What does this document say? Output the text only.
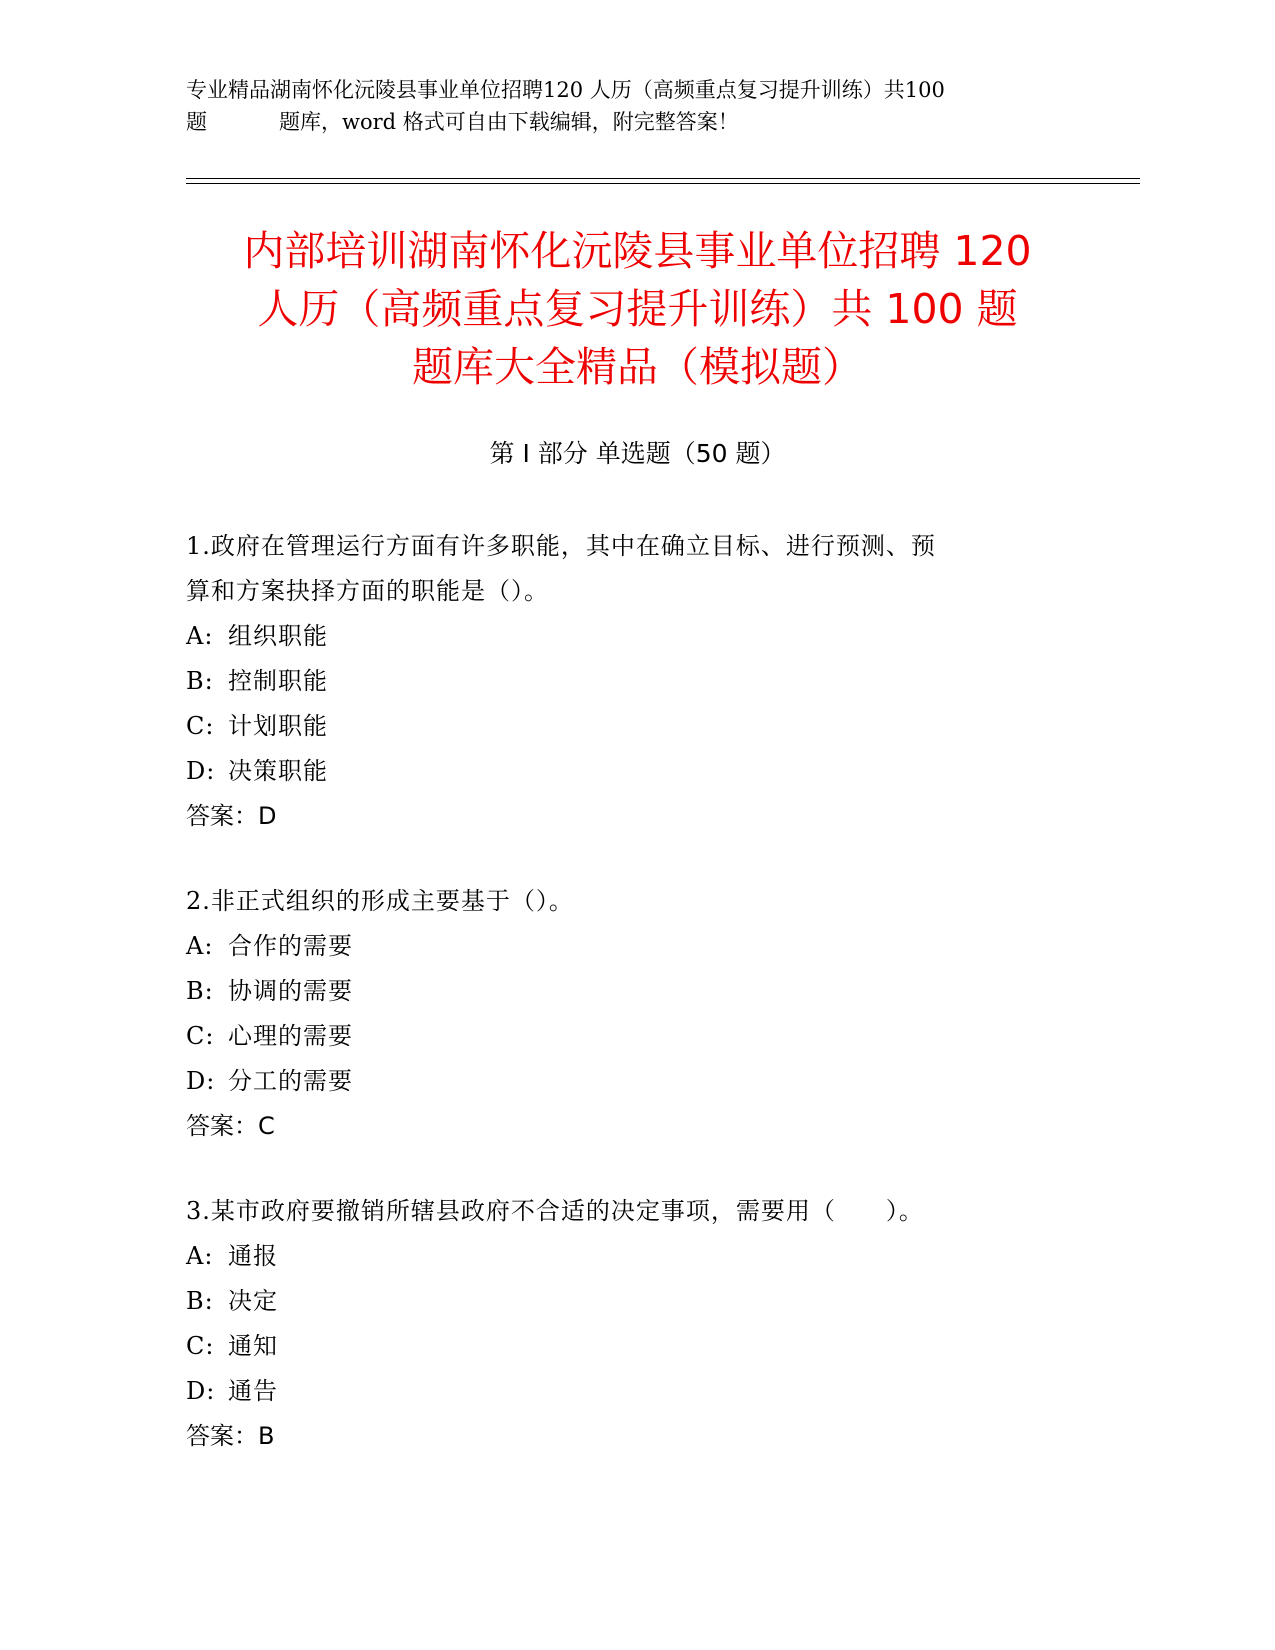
专业精品湖南怀化沅陵县事业单位招聘120 人历（高频重点复习提升训练）共100
题	题库，word 格式可自由下载编辑，附完整答案！
内部培训湖南怀化沅陵县事业单位招聘 120
人历（高频重点复习提升训练）共 100 题
题库大全精品（模拟题）
第 I 部分 单选题（50 题）
1.政府在管理运行方面有许多职能，其中在确立目标、进行预测、预
算和方案抉择方面的职能是（）。
A: 组织职能
B: 控制职能
C: 计划职能
D: 决策职能
答案：D
2.非正式组织的形成主要基于（）。
A: 合作的需要
B: 协调的需要
C: 心理的需要
D: 分工的需要
答案：C
3.某市政府要撤销所辖县政府不合适的决定事项，需要用（　　）。
A: 通报
B: 决定
C: 通知
D: 通告
答案：B
